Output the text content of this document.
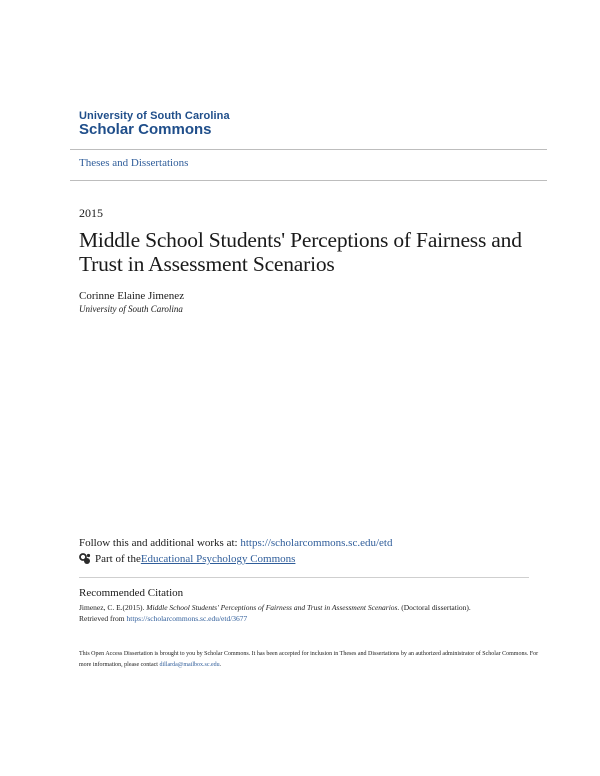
University of South Carolina
Scholar Commons
Theses and Dissertations
2015
Middle School Students' Perceptions of Fairness and Trust in Assessment Scenarios
Corinne Elaine Jimenez
University of South Carolina
Follow this and additional works at: https://scholarcommons.sc.edu/etd
Part of the Educational Psychology Commons
Recommended Citation
Jimenez, C. E.(2015). Middle School Students' Perceptions of Fairness and Trust in Assessment Scenarios. (Doctoral dissertation).
Retrieved from https://scholarcommons.sc.edu/etd/3677
This Open Access Dissertation is brought to you by Scholar Commons. It has been accepted for inclusion in Theses and Dissertations by an authorized administrator of Scholar Commons. For more information, please contact dillarda@mailbox.sc.edu.
